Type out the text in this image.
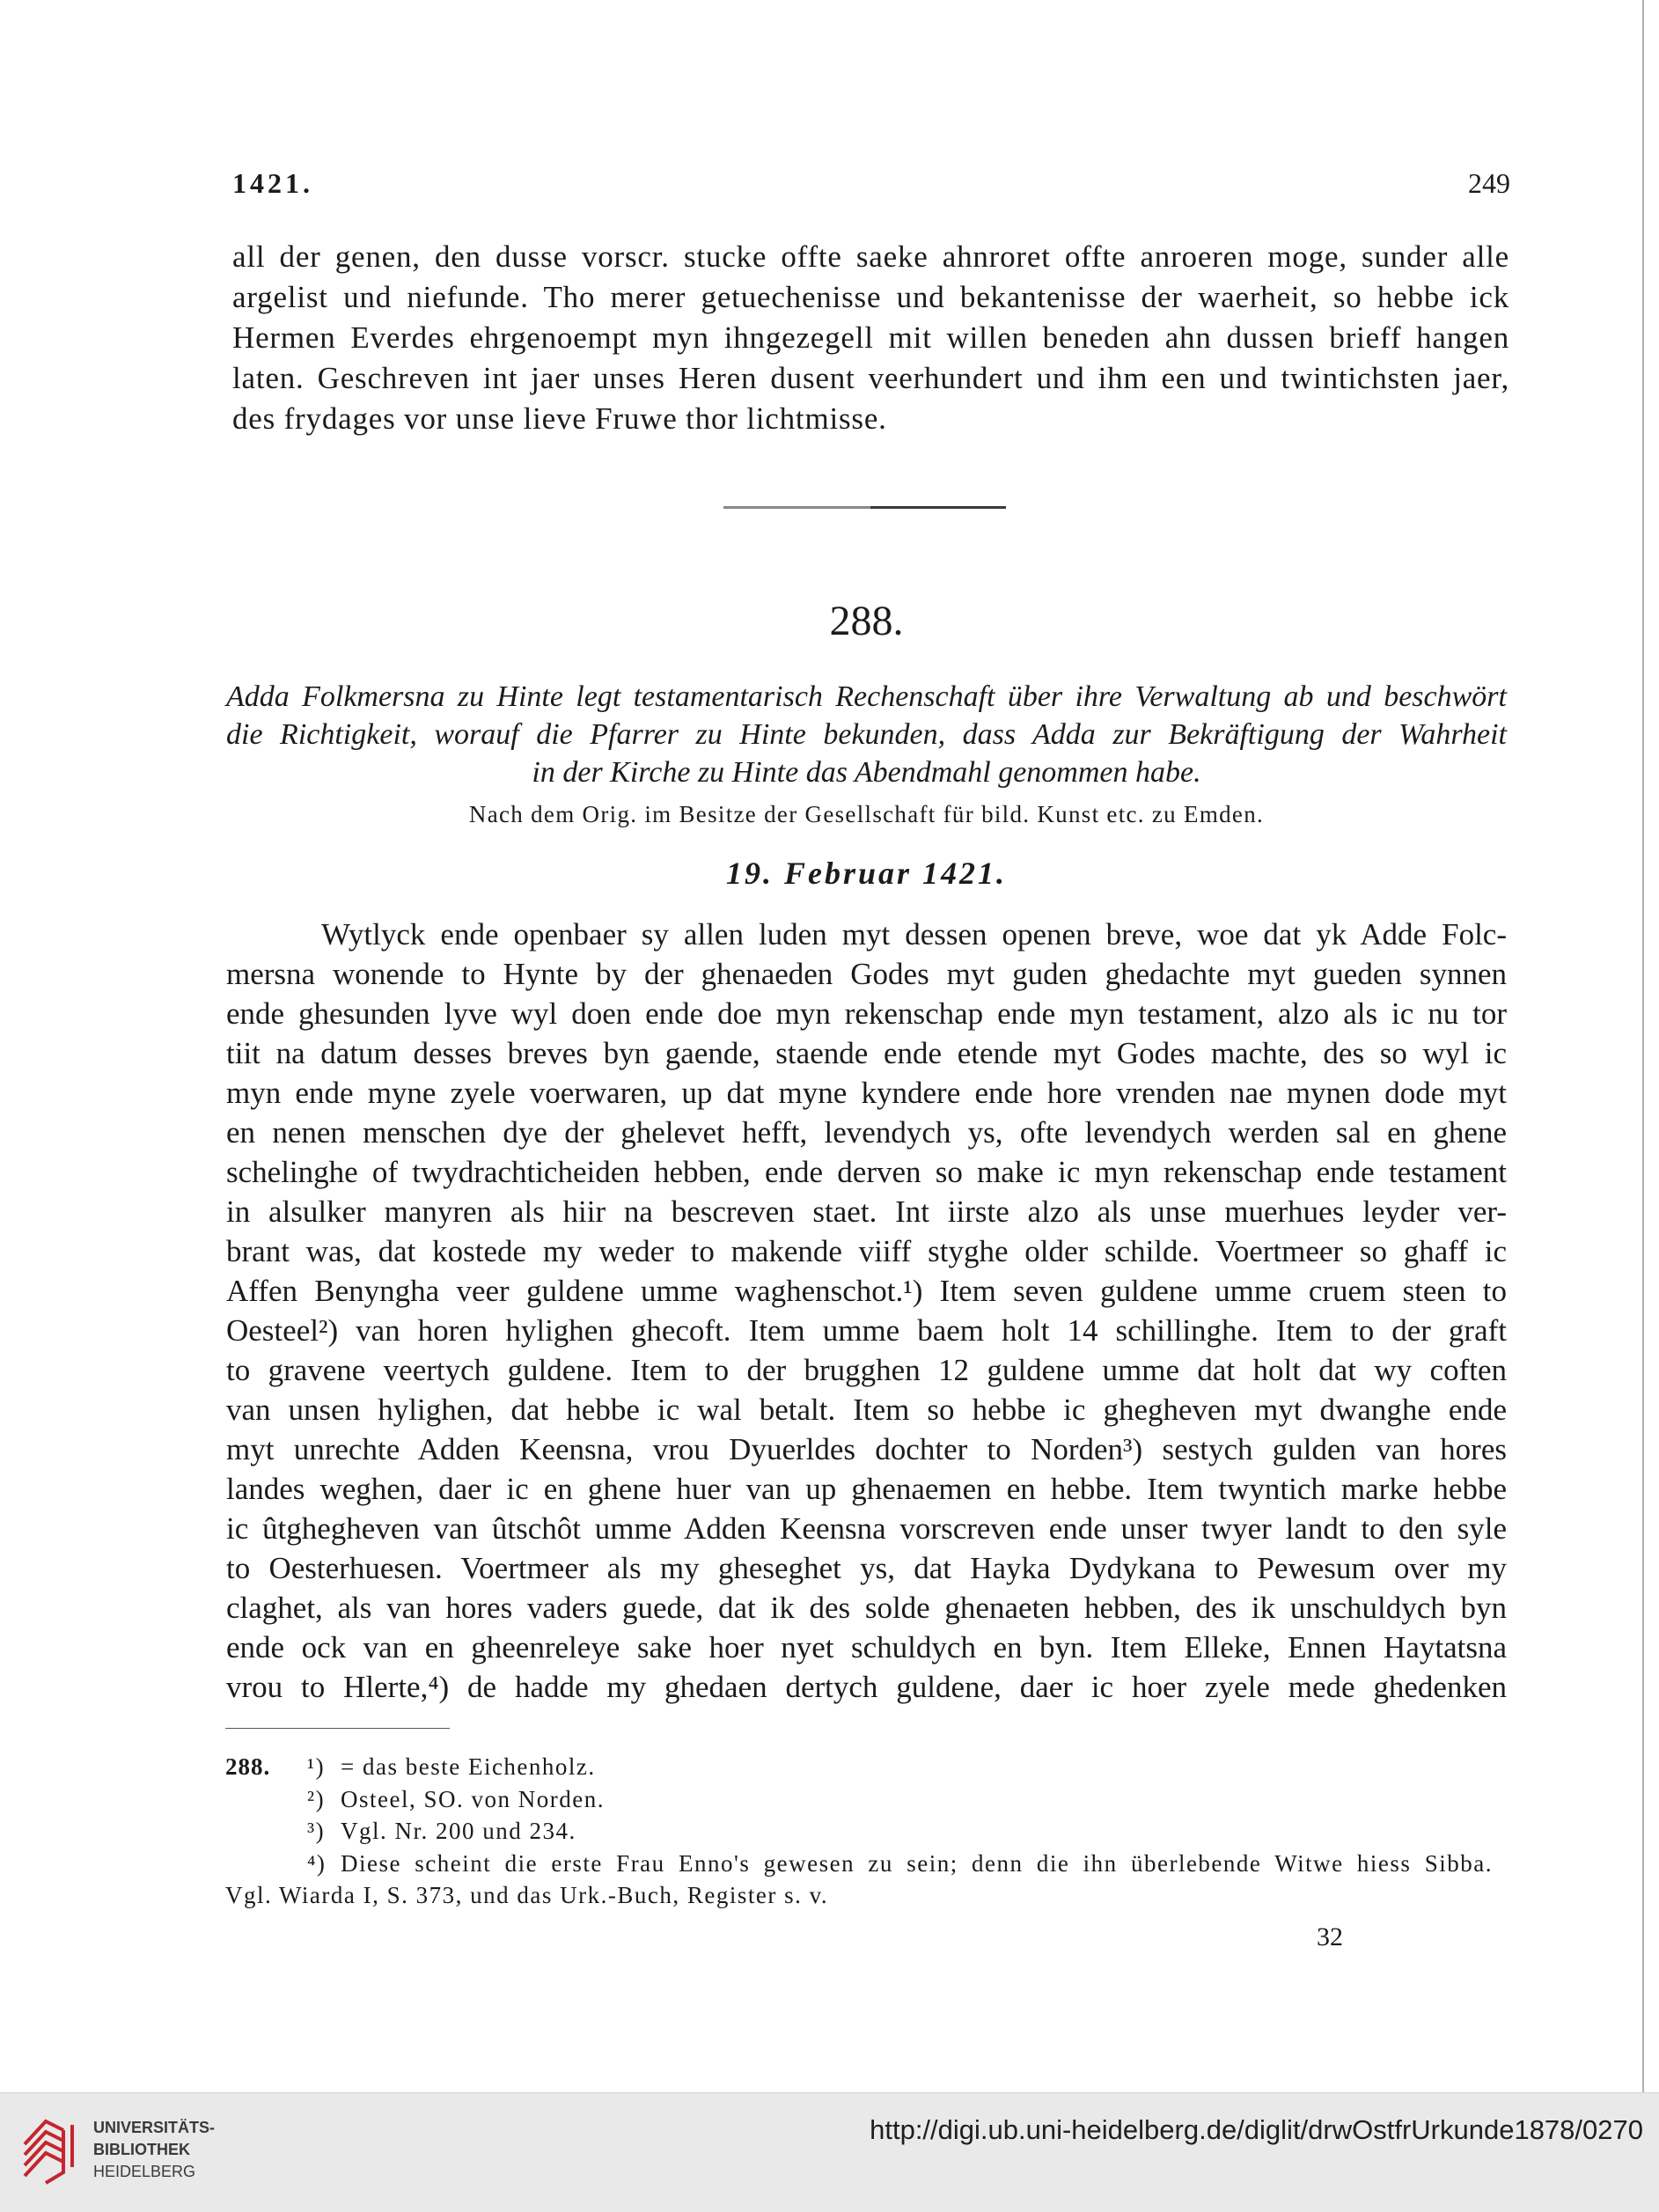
1421.	249
all der genen, den dusse vorscr. stucke offte saeke ahnroret offte anroeren moge, sunder alle
argelist und niefunde. Tho merer getuechenisse und bekantenisse der waerheit, so hebbe ick
Hermen Everdes ehrgenoempt myn ihngezegell mit willen beneden ahn dussen brieff hangen
laten. Geschreven int jaer unses Heren dusent veerhundert und ihm een und twintichsten jaer,
des frydages vor unse lieve Fruwe thor lichtmisse.
288.
Adda Folkmersna zu Hinte legt testamentarisch Rechenschaft über ihre Verwaltung ab und beschwört
die Richtigkeit, worauf die Pfarrer zu Hinte bekunden, dass Adda zur Bekräftigung der Wahrheit
in der Kirche zu Hinte das Abendmahl genommen habe.
Nach dem Orig. im Besitze der Gesellschaft für bild. Kunst etc. zu Emden.
19. Februar 1421.
Wytlyck ende openbaer sy allen luden myt dessen openen breve, woe dat yk Adde Folc-
mersna wonende to Hynte by der ghenaeden Godes myt guden ghedachte myt gueden synnen
ende ghesunden lyve wyl doen ende doe myn rekenschap ende myn testament, alzo als ic nu tor
tiit na datum desses breves byn gaende, staende ende etende myt Godes machte, des so wyl ic
myn ende myne zyele voerwaren, up dat myne kyndere ende hore vrenden nae mynen dode myt
en nenen menschen dye der ghelevet hefft, levendych ys, ofte levendych werden sal en ghene
schelinghe of twydrachticheiden hebben, ende derven so make ic myn rekenschap ende testament
in alsulker manyren als hiir na bescreven staet. Int iirste alzo als unse muerhues leyder ver-
brant was, dat kostede my weder to makende viiff styghe older schilde. Voertmeer so ghaff ic
Affen Benyngha veer guldene umme waghenschot.¹) Item seven guldene umme cruem steen to
Oesteel²) van horen hylighen ghecoft. Item umme baem holt 14 schillinghe. Item to der graft
to gravene veertych guldene. Item to der brugghen 12 guldene umme dat holt dat wy coften
van unsen hylighen, dat hebbe ic wal betalt. Item so hebbe ic ghegheven myt dwanghe ende
myt unrechte Adden Keensna, vrou Dyuerldes dochter to Norden³) sestych gulden van hores
landes weghen, daer ic en ghene huer van up ghenaemen en hebbe. Item twyntich marke hebbe
ic ûtghegheven van ûtschôt umme Adden Keensna vorscreven ende unser twyer landt to den syle
to Oesterhuesen. Voertmeer als my gheseghet ys, dat Hayka Dydykana to Pewesum over my
claghet, als van hores vaders guede, dat ik des solde ghenaeten hebben, des ik unschuldych byn
ende ock van en gheenreleye sake hoer nyet schuldych en byn. Item Elleke, Ennen Haytatsna
vrou to Hlerte,⁴) de hadde my ghedaen dertych guldene, daer ic hoer zyele mede ghedenken
288.	¹) = das beste Eichenholz.
²) Osteel, SO. von Norden.
³) Vgl. Nr. 200 und 234.
⁴) Diese scheint die erste Frau Enno's gewesen zu sein; denn die ihn überlebende Witwe hiess Sibba.
Vgl. Wiarda I, S. 373, und das Urk.-Buch, Register s. v.
32
UNIVERSITÄTS-
BIBLIOTHEK
HEIDELBERG
http://digi.ub.uni-heidelberg.de/diglit/drwOstfrUrkunde1878/0270
